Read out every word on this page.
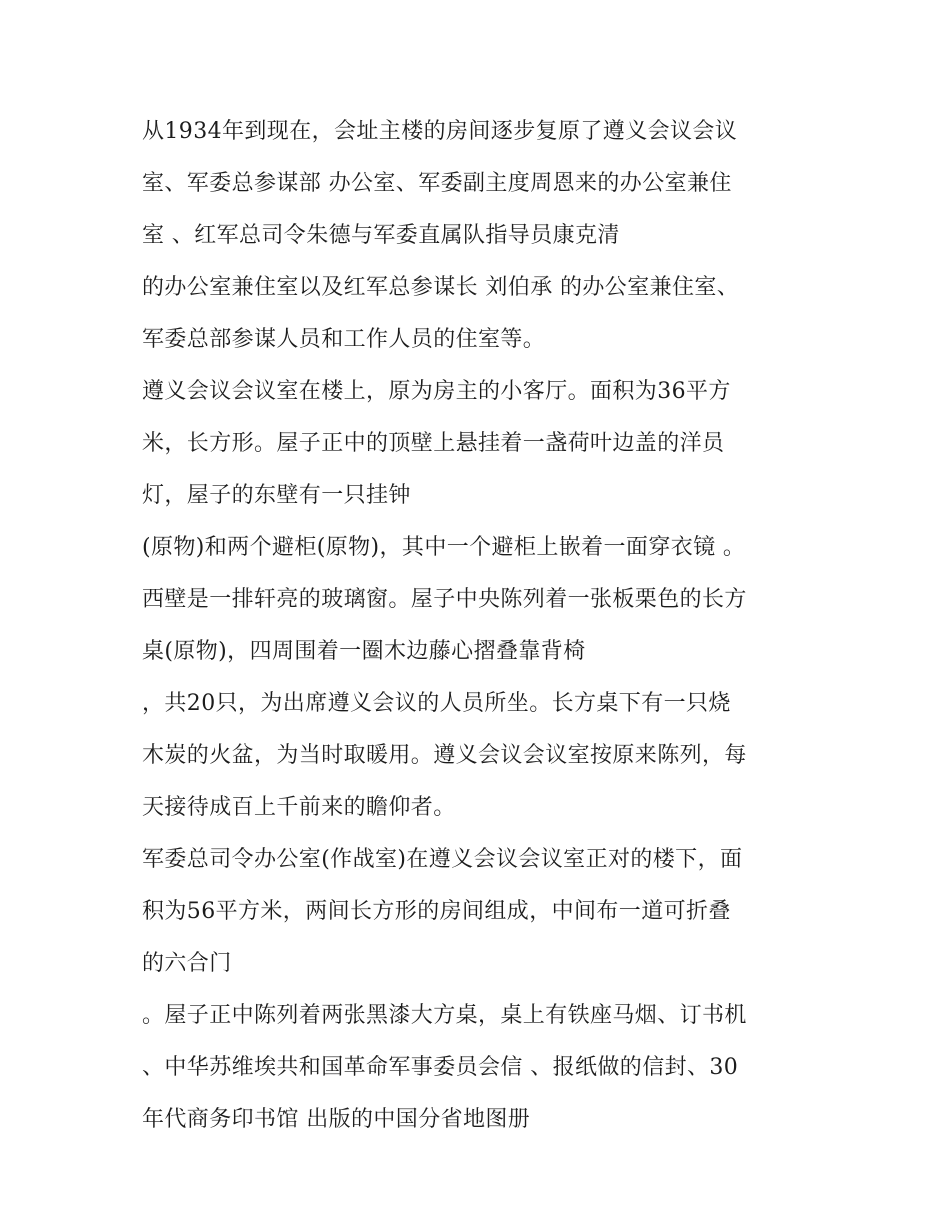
从1934年到现在，会址主楼的房间逐步复原了遵义会议会议
室、军委总参谋部 办公室、军委副主度周恩来的办公室兼住
室 、红军总司令朱德与军委直属队指导员康克清
的办公室兼住室以及红军总参谋长 刘伯承 的办公室兼住室、
军委总部参谋人员和工作人员的住室等。
遵义会议会议室在楼上，原为房主的小客厅。面积为36平方
米，长方形。屋子正中的顶壁上悬挂着一盏荷叶边盖的洋员
灯，屋子的东壁有一只挂钟
(原物)和两个避柜(原物)，其中一个避柜上嵌着一面穿衣镜 。
西壁是一排轩亮的玻璃窗。屋子中央陈列着一张板栗色的长方
桌(原物)，四周围着一圈木边藤心摺叠靠背椅
，共20只，为出席遵义会议的人员所坐。长方桌下有一只烧
木炭的火盆，为当时取暖用。遵义会议会议室按原来陈列，每
天接待成百上千前来的瞻仰者。
军委总司令办公室(作战室)在遵义会议会议室正对的楼下，面
积为56平方米，两间长方形的房间组成，中间布一道可折叠
的六合门
。屋子正中陈列着两张黑漆大方桌，桌上有铁座马烟、订书机
、中华苏维埃共和国革命军事委员会信 、报纸做的信封、30
年代商务印书馆 出版的中国分省地图册
